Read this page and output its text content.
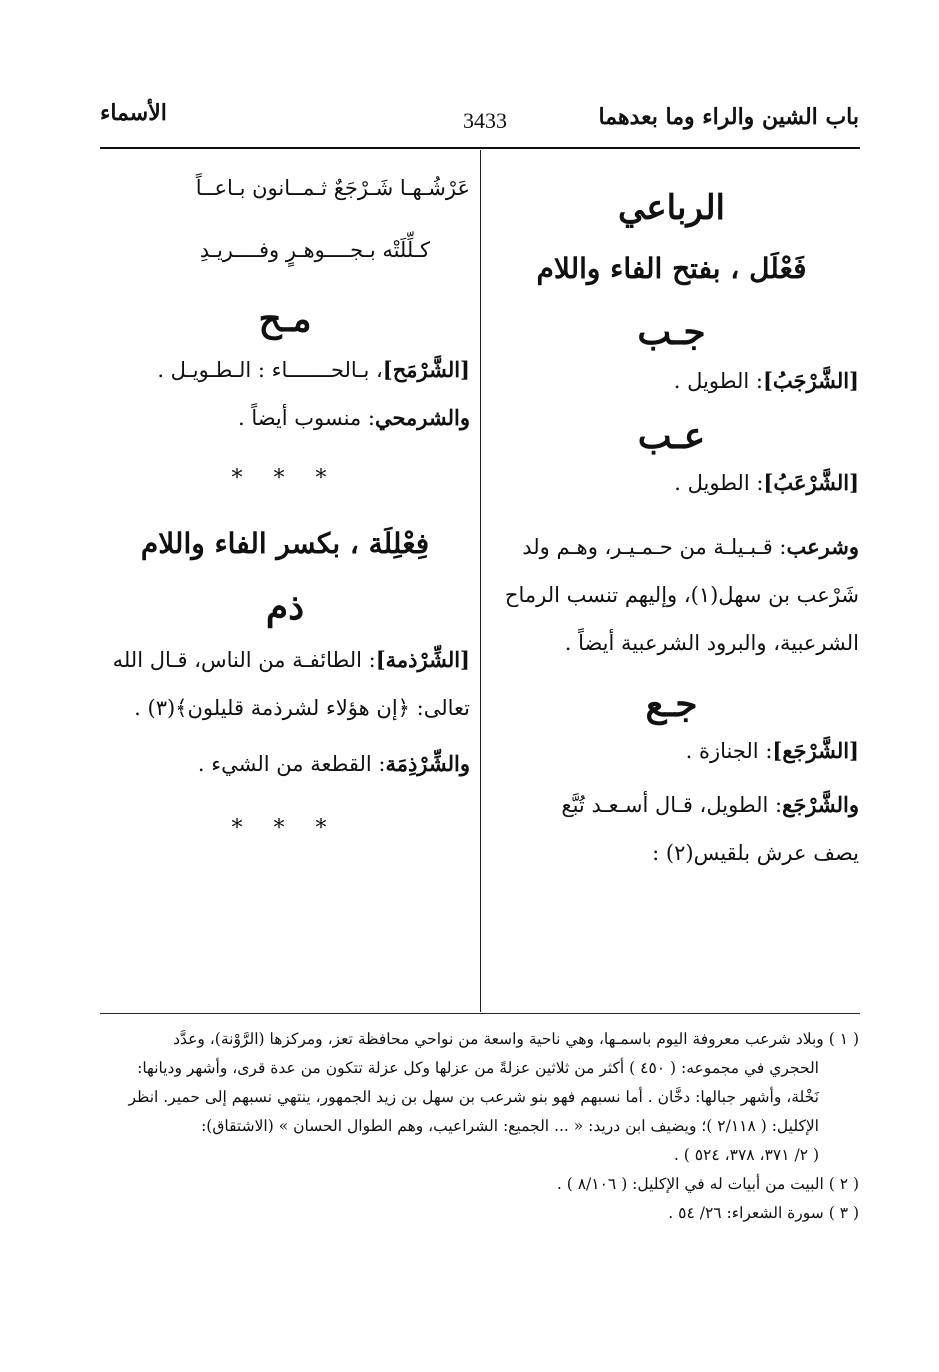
باب الشين والراء وما بعدهما
3433
الأسماء

الرباعي

فَعْلَل ، بفتح الفاء واللام

جـب

[الشَّرْجَبُ]: الطويل .

عـب

[الشَّرْعَبُ]: الطويل .

وشرعب: قـبـيلـة من حـمـيـر، وهـم ولد

شَرْعب بن سهل(١)، وإليهم تنسب الرماح

الشرعبية، والبرود الشرعبية أيضاً .

جـع

[الشَّرْجَع]: الجنازة .

والشَّرْجَع: الطويل، قـال أسـعـد تُبَّع

يصف عرش بلقيس(٢) :

عَرْشُـهـا شَـرْجَعٌ ثـمــانون بـاعــاً

كـلِّلَتْه بـجــــوهـرٍ وفــــريـدِ

مـح

[الشَّرْمَح]، بـالحـــــــاء : الـطـويـل .

والشرمحي: منسوب أيضاً .

* * *

فِعْلِلَة ، بكسر الفاء واللام

ذم

[الشِّرْذمة]: الطائفـة من الناس، قـال الله

تعالى: ﴿إن هؤلاء لشرذمة قليلون﴾(٣) .

والشِّرْذِمَة: القطعة من الشيء .

* * *

( ١ ) وبلاد شرعب معروفة اليوم باسمـها، وهي ناحية واسعة من نواحي محافظة تعز، ومركزها (الرَّوْنة)، وعدَّد

الحجري في مجموعه: ( ٤٥٠ ) أكثر من ثلاثين عزلةً من عزلها وكل عزلة تتكون من عدة قرى، وأشهر وديانها:

نَخْلة، وأشهر جبالها: دخَّان . أما نسبهم فهو بنو شرعب بن سهل بن زيد الجمهور، ينتهي نسبهم إلى حمير. انظر

الإكليل: ( ٢/١١٨ )؛ ويضيف ابن دريد: « ... الجميع: الشراعيب، وهم الطوال الحسان » (الاشتقاق):

( ٢/ ٣٧١، ٣٧٨، ٥٢٤ ) .

( ٢ ) البيت من أبيات له في الإكليل: ( ٨/١٠٦ ) .

( ٣ ) سورة الشعراء: ٢٦/ ٥٤ .
